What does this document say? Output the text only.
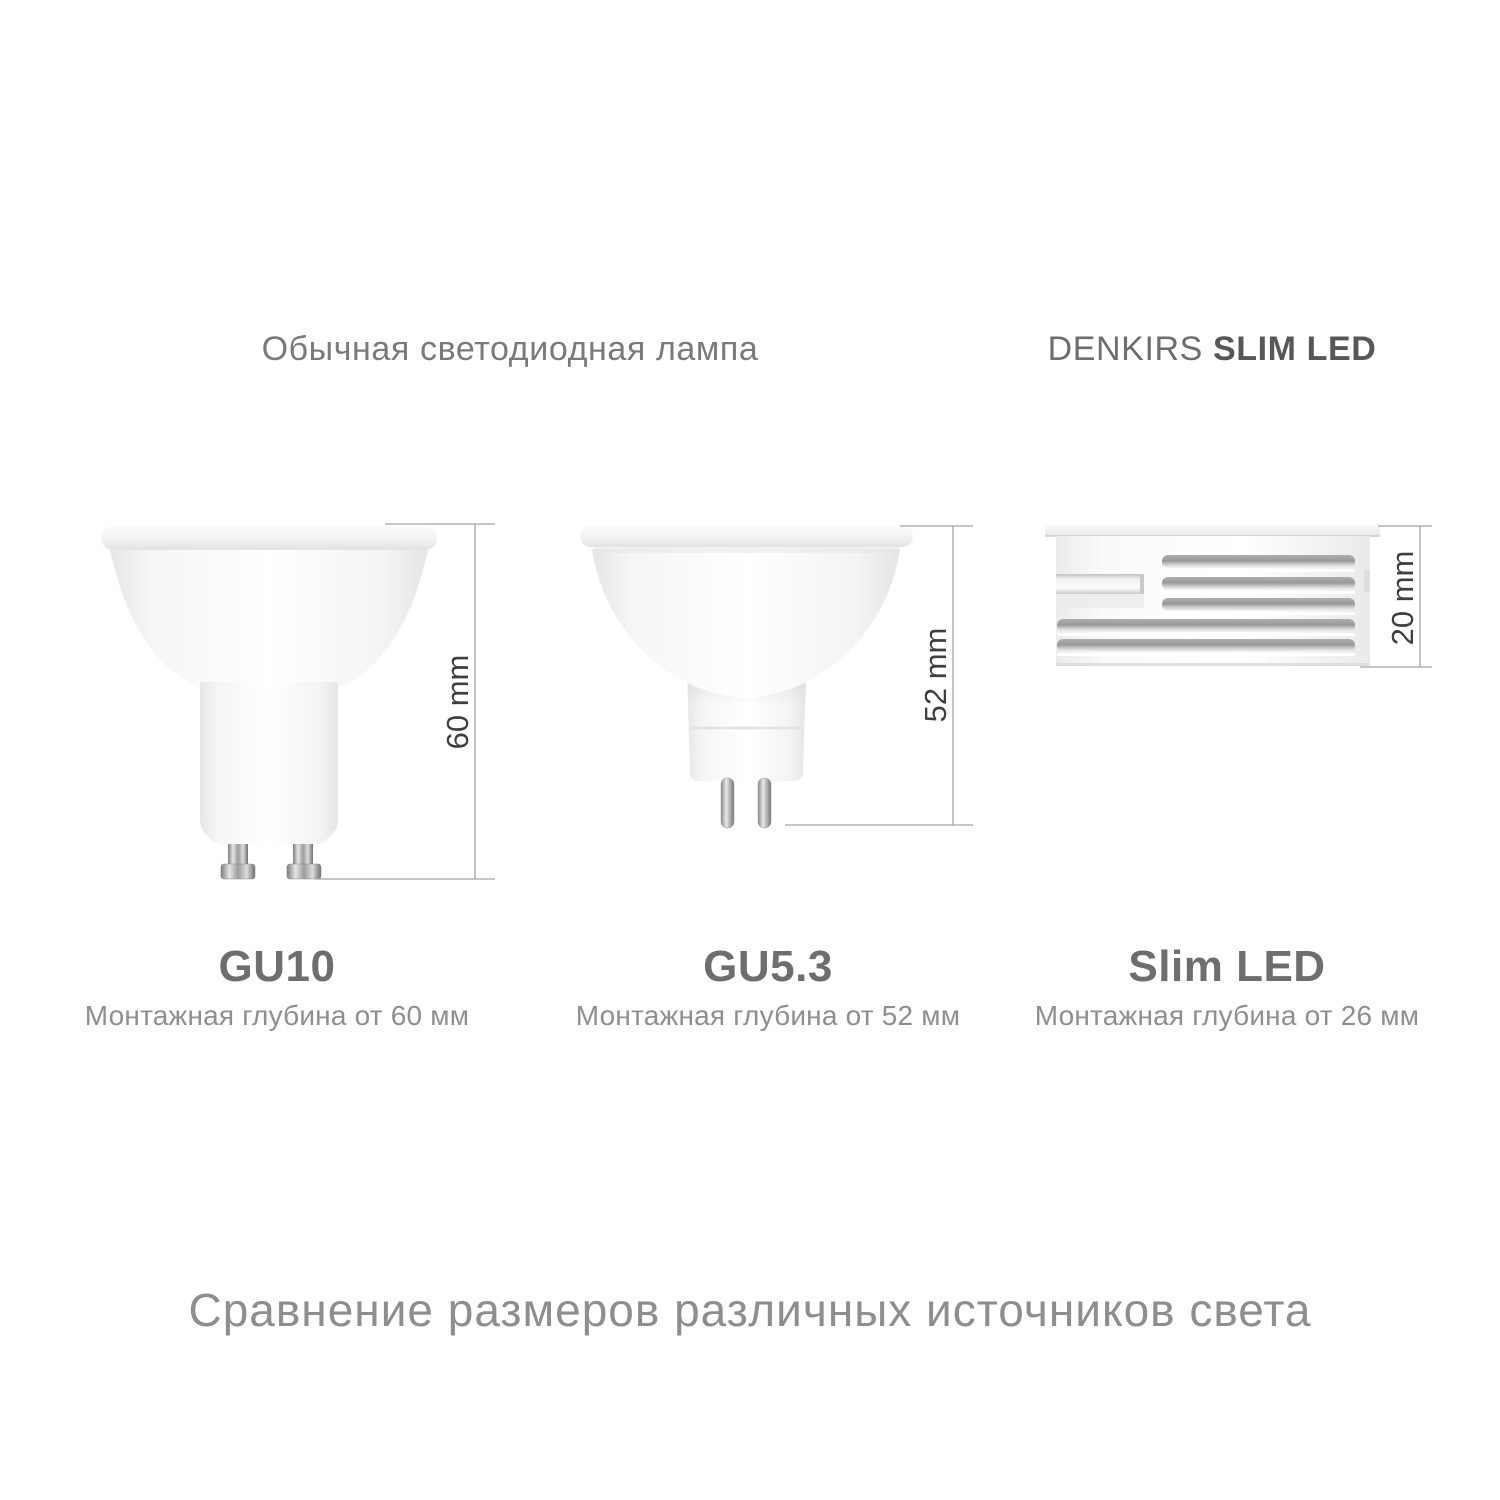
Обычная светодиодная лампа	DENKIRS SLIM LED
60 mm	52 mm
20 mm
GU10
Монтажная глубина от 60 мм
GU5.3
Монтажная глубина от 52 мм
Slim LED
Монтажная глубина от 26 мм
Сравнение размеров различных источников света
